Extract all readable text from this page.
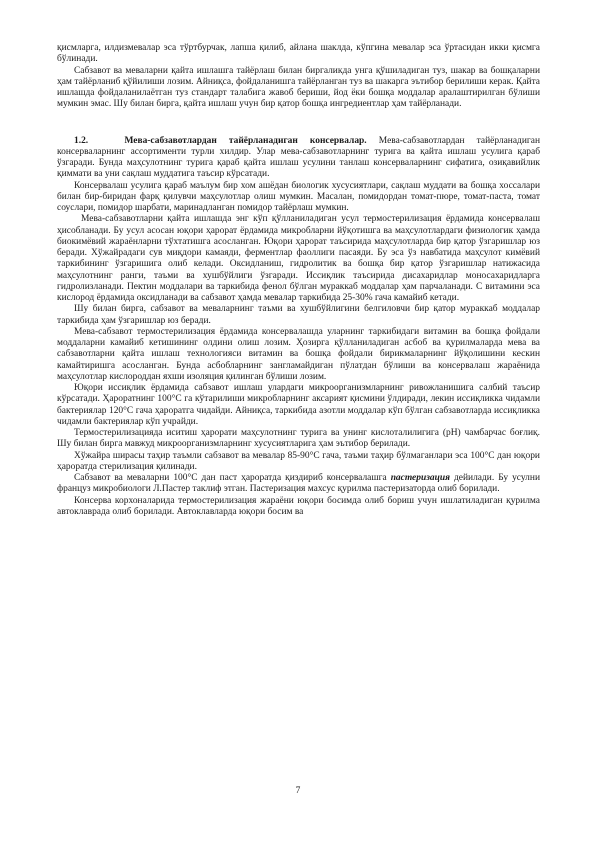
қисмларга, илдизмевалар эса тўртбурчак, лапша қилиб, айлана шаклда, кўпгина мевалар эса ўртасидан икки қисмга бўлинади.

Сабзавот ва меваларни қайта ишлашга тайёрлаш билан биргаликда унга қўшиладиган туз, шакар ва бошқаларни ҳам тайёрланиб қўйилиши лозим. Айниқса, фойдаланишга тайёрланган туз ва шакарга эътибор берилиши керак. Қайта ишлашда фойдаланилаётган туз стандарт талабига жавоб бериши, йод ёки бошқа моддалар аралаштирилган бўлиши мумкин эмас. Шу билан бирга, қайта ишлаш учун бир қатор бошқа ингредиентлар ҳам тайёрланади.

1.2.	Мева-сабзавотлардан тайёрланадиган консервалар. Мева-сабзавотлардан тайёрланадиган консерваларнинг ассортименти турли хилдир. Улар мева-сабзавотларнинг турига ва қайта ишлаш усулига қараб ўзгаради. Бунда маҳсулотнинг турига қараб қайта ишлаш усулини танлаш консерваларнинг сифатига, озиқавийлик қиммати ва уни сақлаш муддатига таъсир кўрсатади.

Консервалаш усулига қараб маълум бир хом ашёдан биологик хусусиятлари, сақлаш муддати ва бошқа хоссалари билан бир-биридан фарқ қилувчи маҳсулотлар олиш мумкин. Масалан, помидордан томат-пюре, томат-паста, томат соуслари, помидор шарбати, маринадланган помидор тайёрлаш мумкин.

Мева-сабзавотларни қайта ишлашда энг кўп қўлланиладиган усул термостерилизация ёрдамида консервалаш ҳисобланади. Бу усул асосан юқори ҳарорат ёрдамида микробларни йўқотишга ва маҳсулотлардаги физиологик ҳамда биокимёвий жараёнларни тўхтатишга асосланган. Юқори ҳарорат таъсирида маҳсулотларда бир қатор ўзгаришлар юз беради. Хўжайрадаги сув миқдори камаяди, ферментлар фаоллиги пасаяди. Бу эса ўз навбатида маҳсулот кимёвий таркибининг ўзгаришига олиб келади. Оксидланиш, гидролитик ва бошқа бир қатор ўзгаришлар натижасида маҳсулотнинг ранги, таъми ва хушбўйлиги ўзгаради. Иссиқлик таъсирида дисахаридлар моносахаридларга гидролизланади. Пектин моддалари ва таркибида фенол бўлган мураккаб моддалар ҳам парчаланади. С витамини эса кислород ёрдамида оксидланади ва сабзавот ҳамда мевалар таркибида 25-30% гача камайиб кетади.

Шу билан бирга, сабзавот ва меваларнинг таъми ва хушбўйлигини белгиловчи бир қатор мураккаб моддалар таркибида ҳам ўзгаришлар юз беради.

Мева-сабзавот термостерилизация ёрдамида консервалашда уларнинг таркибидаги витамин ва бошқа фойдали моддаларни камайиб кетишининг олдини олиш лозим. Ҳозирга қўлланиладиган асбоб ва қурилмаларда мева ва сабзавотларни қайта ишлаш технологияси витамин ва бошқа фойдали бирикмаларнинг йўқолишини кескин камайтиришга асосланган. Бунда асбобларнинг зангламайдиган пўлатдан бўлиши ва консервалаш жараёнида маҳсулотлар кислороддан яхши изоляция қилинган бўлиши лозим.

Юқори иссиқлик ёрдамида сабзавот ишлаш улардаги микроорганизмларнинг ривожланишига салбий таъсир кўрсатади. Ҳароратнинг 100°С га кўтарилиши микробларнинг аксарият қисмини ўлдиради, лекин иссиқликка чидамли бактериялар 120°С гача ҳароратга чидайди. Айниқса, таркибида азотли моддалар кўп бўлган сабзавотларда иссиқликка чидамли бактериялар кўп учрайди.

Термостерилизацияда иситиш ҳарорати маҳсулотнинг турига ва унинг кислоталилигига (pH) чамбарчас боғлиқ. Шу билан бирга мавжуд микроорганизмларнинг хусусиятларига ҳам эътибор берилади.

Хўжайра ширасы таҳир таъмли сабзавот ва мевалар 85-90°С гача, таъми таҳир бўлмаганлари эса 100°С дан юқори ҳароратда стерилизация қилинади.

Сабзавот ва меваларни 100°С дан паст ҳароратда қиздириб консервалашга пастеризация дейилади. Бу усулни француз микробиологи Л.Пастер таклиф этган. Пастеризация махсус қурилма пастеризаторда олиб борилади.

Консерва корхоналарида термостерилизация жараёни юқори босимда олиб бориш учун ишлатиладиган қурилма автоклаврада олиб борилади. Автоклавларда юқори босим ва

7
